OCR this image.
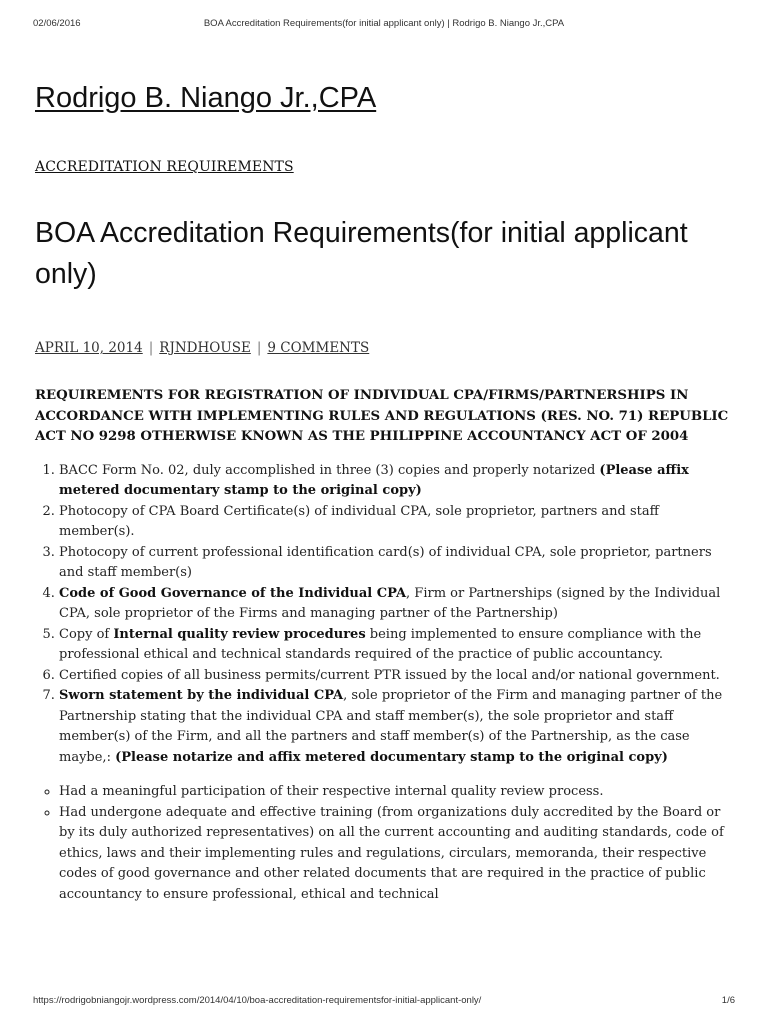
02/06/2016	BOA Accreditation Requirements(for initial applicant only) | Rodrigo B. Niango Jr.,CPA
Rodrigo B. Niango Jr.,CPA
ACCREDITATION REQUIREMENTS
BOA Accreditation Requirements(for initial applicant only)
APRIL 10, 2014 | RJNDHOUSE | 9 COMMENTS
REQUIREMENTS FOR REGISTRATION OF INDIVIDUAL CPA/FIRMS/PARTNERSHIPS IN ACCORDANCE WITH IMPLEMENTING RULES AND REGULATIONS (RES. NO. 71) REPUBLIC ACT NO 9298 OTHERWISE KNOWN AS THE PHILIPPINE ACCOUNTANCY ACT OF 2004
1. BACC Form No. 02, duly accomplished in three (3) copies and properly notarized (Please affix metered documentary stamp to the original copy)
2. Photocopy of CPA Board Certificate(s) of individual CPA, sole proprietor, partners and staff member(s).
3. Photocopy of current professional identification card(s) of individual CPA, sole proprietor, partners and staff member(s)
4. Code of Good Governance of the Individual CPA, Firm or Partnerships (signed by the Individual CPA, sole proprietor of the Firms and managing partner of the Partnership)
5. Copy of Internal quality review procedures being implemented to ensure compliance with the professional ethical and technical standards required of the practice of public accountancy.
6. Certified copies of all business permits/current PTR issued by the local and/or national government.
7. Sworn statement by the individual CPA, sole proprietor of the Firm and managing partner of the Partnership stating that the individual CPA and staff member(s), the sole proprietor and staff member(s) of the Firm, and all the partners and staff member(s) of the Partnership, as the case maybe,: (Please notarize and affix metered documentary stamp to the original copy)
◦ Had a meaningful participation of their respective internal quality review process.
◦ Had undergone adequate and effective training (from organizations duly accredited by the Board or by its duly authorized representatives) on all the current accounting and auditing standards, code of ethics, laws and their implementing rules and regulations, circulars, memoranda, their respective codes of good governance and other related documents that are required in the practice of public accountancy to ensure professional, ethical and technical
https://rodrigobniangojr.wordpress.com/2014/04/10/boa-accreditation-requirementsfor-initial-applicant-only/	1/6
